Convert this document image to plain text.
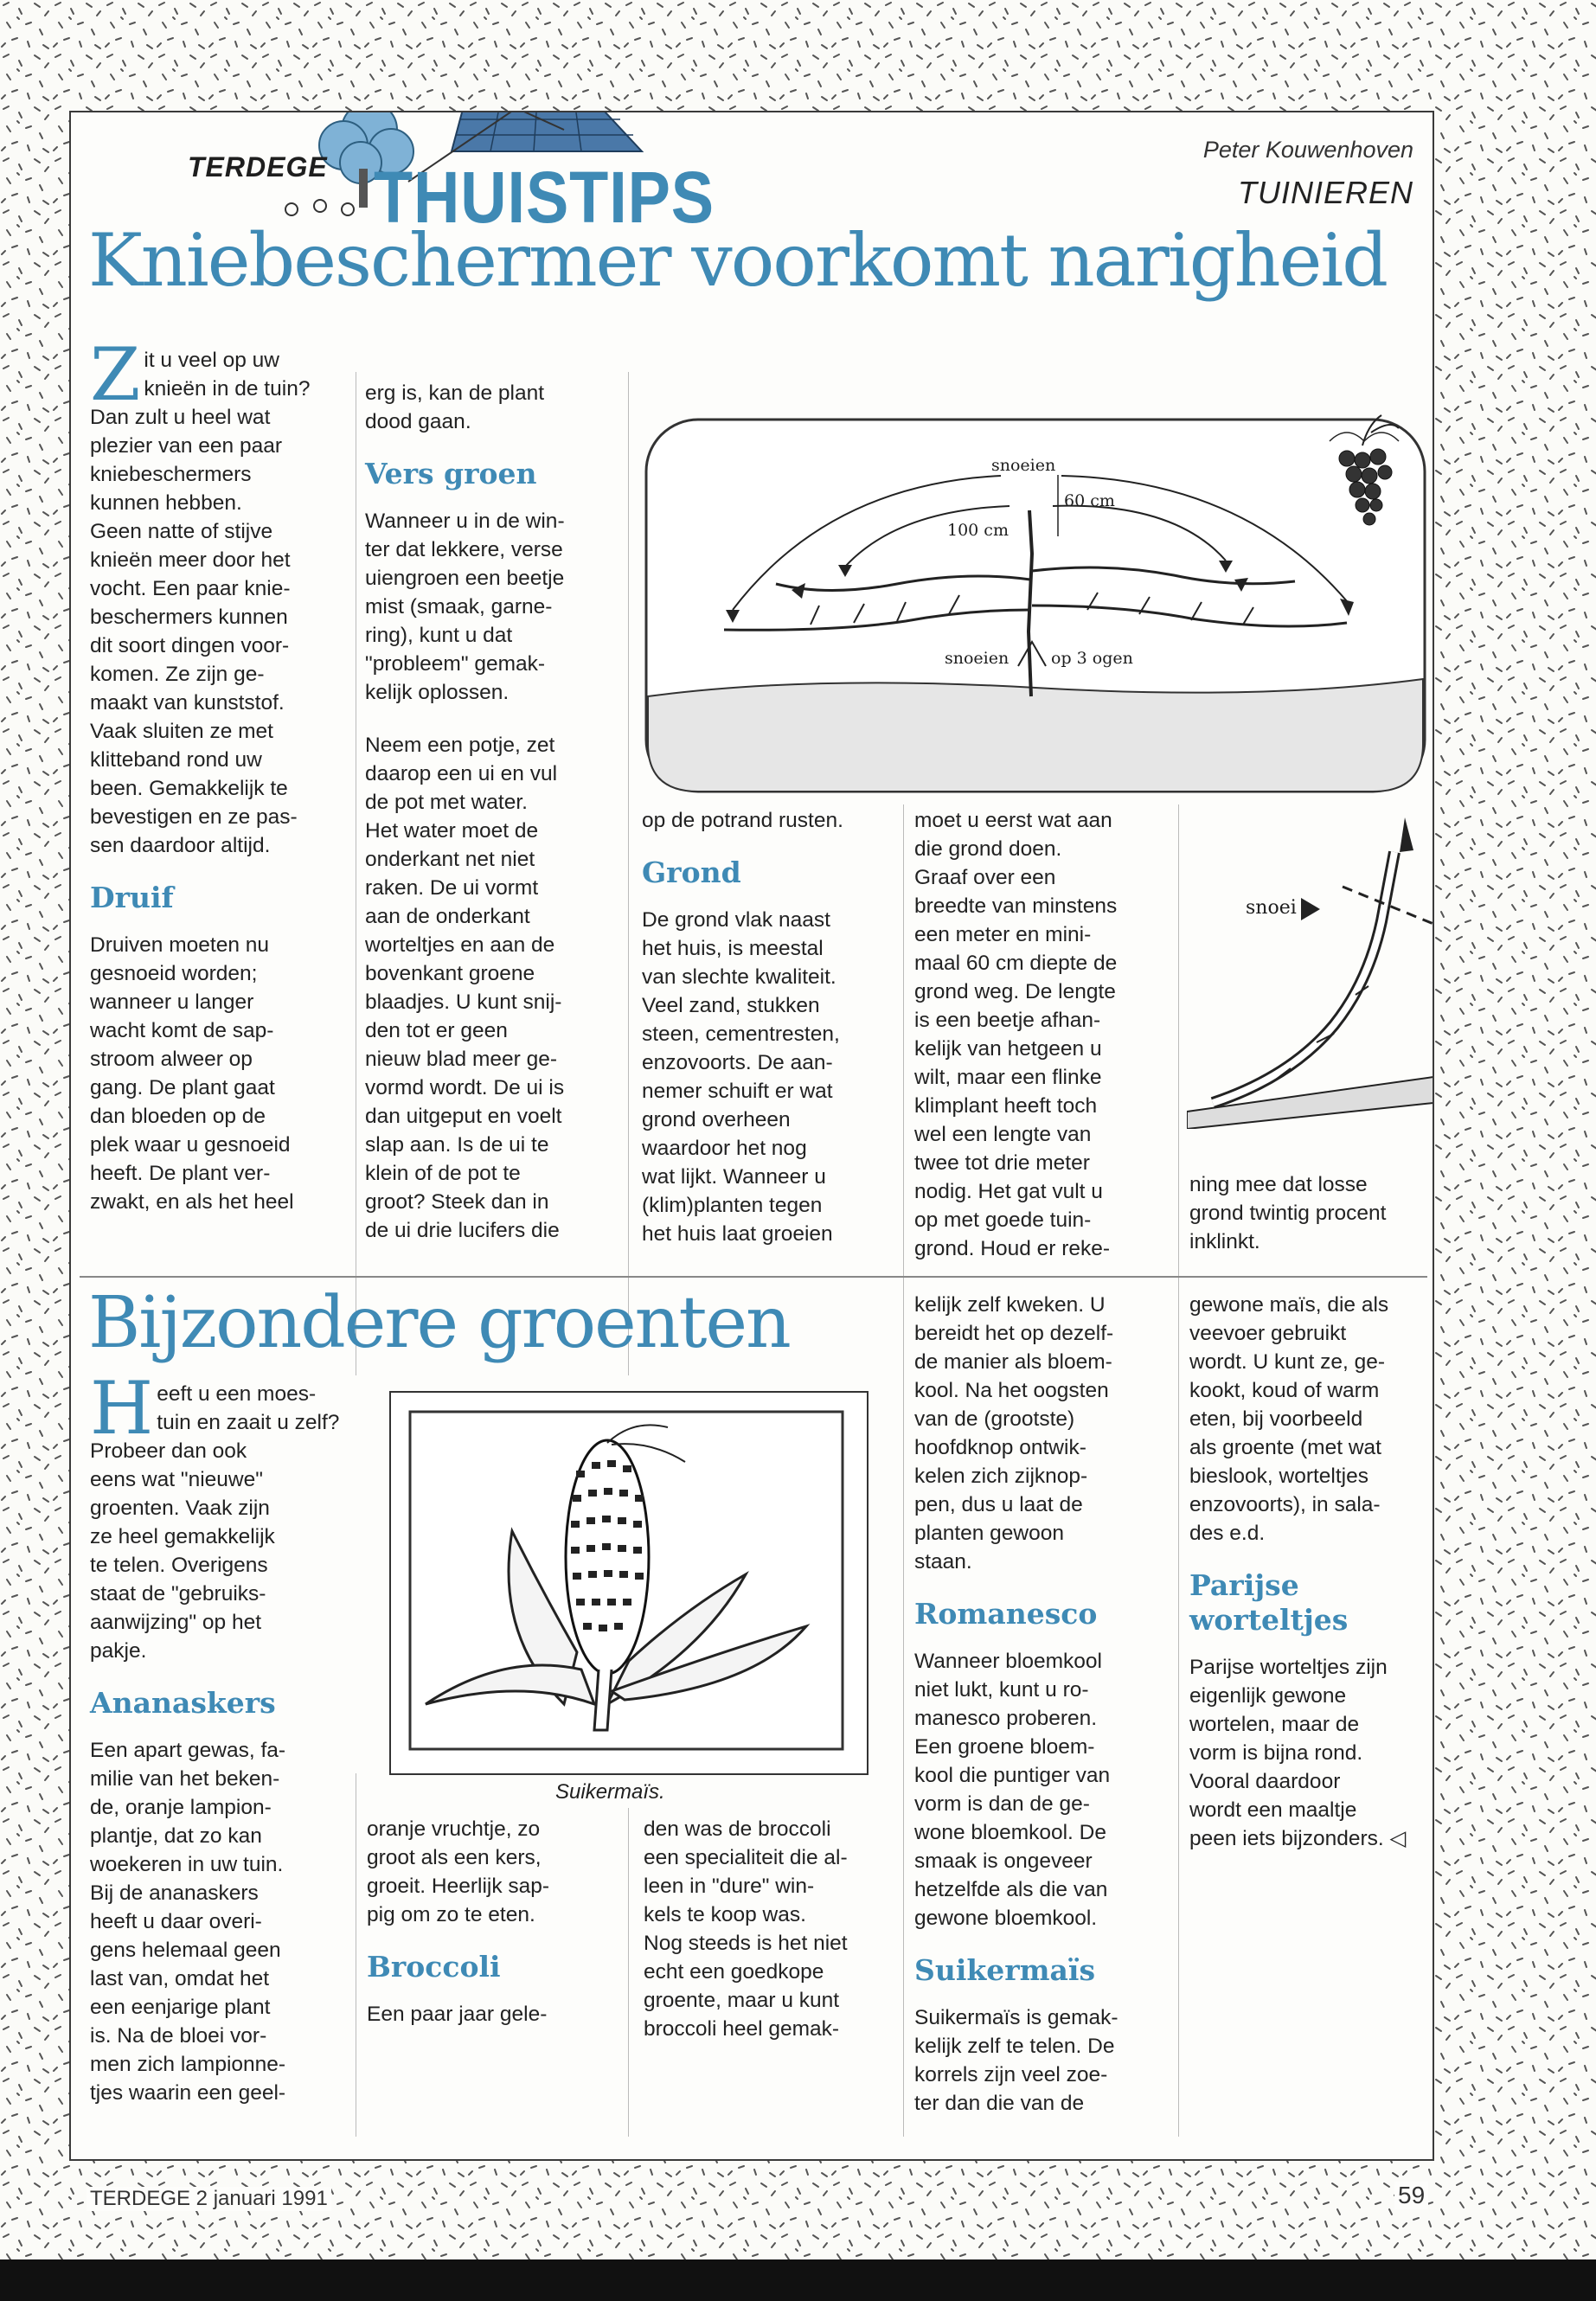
TERDEGE THUISTIPS
Peter Kouwenhoven
TUINIEREN
Kniebeschermer voorkomt narigheid
Z it u veel op uw
knieën in de tuin?
Dan zult u heel wat
plezier van een paar
kniebeschermers
kunnen hebben.
Geen natte of stijve
knieën meer door het
vocht. Een paar knie-
beschermers kunnen
dit soort dingen voor-
komen. Ze zijn ge-
maakt van kunststof.
Vaak sluiten ze met
klitteband rond uw
been. Gemakkelijk te
bevestigen en ze pas-
sen daardoor altijd.

Druif

Druiven moeten nu
gesnoeid worden;
wanneer u langer
wacht komt de sap-
stroom alweer op
gang. De plant gaat
dan bloeden op de
plek waar u gesnoeid
heeft. De plant ver-
zwakt, en als het heel

erg is, kan de plant
dood gaan.

Vers groen

Wanneer u in de win-
ter dat lekkere, verse
uiengroen een beetje
mist (smaak, garne-
ring), kunt u dat
"probleem" gemak-
kelijk oplossen.

Neem een potje, zet
daarop een ui en vul
de pot met water.
Het water moet de
onderkant net niet
raken. De ui vormt
aan de onderkant
worteltjes en aan de
bovenkant groene
blaadjes. U kunt snij-
den tot er geen
nieuw blad meer ge-
vormd wordt. De ui is
dan uitgeput en voelt
slap aan. Is de ui te
klein of de pot te
groot? Steek dan in
de ui drie lucifers die

snoeien
60 cm
100 cm
snoeien	op 3 ogen

op de potrand rusten.

Grond

De grond vlak naast
het huis, is meestal
van slechte kwaliteit.
Veel zand, stukken
steen, cementresten,
enzovoorts. De aan-
nemer schuift er wat
grond overheen
waardoor het nog
wat lijkt. Wanneer u
(klim)planten tegen
het huis laat groeien

moet u eerst wat aan
die grond doen.
Graaf over een
breedte van minstens
een meter en mini-
maal 60 cm diepte de
grond weg. De lengte
is een beetje afhan-
kelijk van hetgeen u
wilt, maar een flinke
klimplant heeft toch
wel een lengte van
twee tot drie meter
nodig. Het gat vult u
op met goede tuin-
grond. Houd er reke-

snoei

ning mee dat losse
grond twintig procent
inklinkt.

Bijzondere groenten
H eeft u een moes-
tuin en zaait u zelf?
Probeer dan ook
eens wat "nieuwe"
groenten. Vaak zijn
ze heel gemakkelijk
te telen. Overigens
staat de "gebruiks-
aanwijzing" op het
pakje.

Ananaskers

Een apart gewas, fa-
milie van het beken-
de, oranje lampion-
plantje, dat zo kan
woekeren in uw tuin.
Bij de ananaskers
heeft u daar overi-
gens helemaal geen
last van, omdat het
een eenjarige plant
is. Na de bloei vor-
men zich lampionne-
tjes waarin een geel-

Suikermaïs.

oranje vruchtje, zo
groot als een kers,
groeit. Heerlijk sap-
pig om zo te eten.

Broccoli

Een paar jaar gele-

den was de broccoli
een specialiteit die al-
leen in "dure" win-
kels te koop was.
Nog steeds is het niet
echt een goedkope
groente, maar u kunt
broccoli heel gemak-

kelijk zelf kweken. U
bereidt het op dezelf-
de manier als bloem-
kool. Na het oogsten
van de (grootste)
hoofdknop ontwik-
kelen zich zijknop-
pen, dus u laat de
planten gewoon
staan.

Romanesco

Wanneer bloemkool
niet lukt, kunt u ro-
manesco proberen.
Een groene bloem-
kool die puntiger van
vorm is dan de ge-
wone bloemkool. De
smaak is ongeveer
hetzelfde als die van
gewone bloemkool.

Suikermaïs

Suikermaïs is gemak-
kelijk zelf te telen. De
korrels zijn veel zoe-
ter dan die van de

gewone maïs, die als
veevoer gebruikt
wordt. U kunt ze, ge-
kookt, koud of warm
eten, bij voorbeeld
als groente (met wat
bieslook, worteltjes
enzovoorts), in sala-
des e.d.

Parijse
worteltjes

Parijse worteltjes zijn
eigenlijk gewone
wortelen, maar de
vorm is bijna rond.
Vooral daardoor
wordt een maaltje
peen iets bijzonders. ◁

TERDEGE 2 januari 1991	59
